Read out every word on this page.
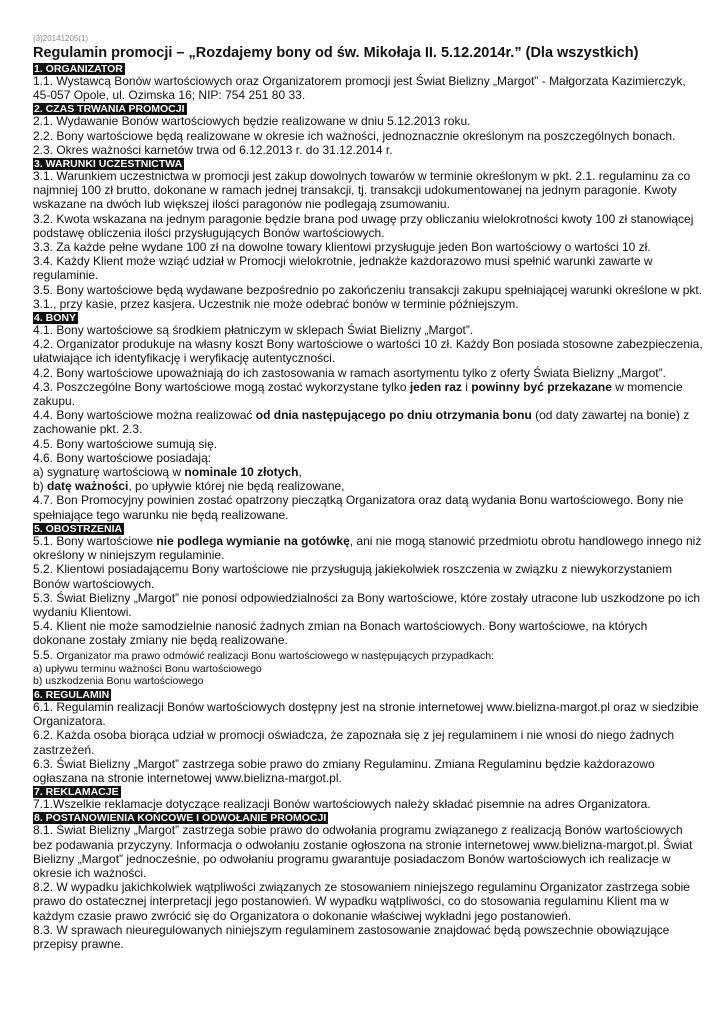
(3)20141205(1)
Regulamin promocji – „Rozdajemy bony od św. Mikołaja II. 5.12.2014r.” (Dla wszystkich)
1. ORGANIZATOR

1.1. Wystawcą Bonów wartościowych oraz Organizatorem promocji jest Świat Bielizny „Margot” - Małgorzata Kazimierczyk, 45-057 Opole, ul. Ozimska 16; NIP: 754 251 80 33.

2. CZAS TRWANIA PROMOCJI

2.1. Wydawanie Bonów wartościowych będzie realizowane w dniu 5.12.2013 roku.

2.2. Bony wartościowe będą realizowane w okresie ich ważności, jednoznacznie określonym na poszczególnych bonach.

2.3. Okres ważności karnetów trwa od 6.12.2013 r. do 31.12.2014 r.

3. WARUNKI UCZESTNICTWA

3.1. Warunkiem uczestnictwa w promocji jest zakup dowolnych towarów w terminie określonym w pkt. 2.1. regulaminu za co najmniej 100 zł brutto, dokonane w ramach jednej transakcji, tj. transakcji udokumentowanej na jednym paragonie. Kwoty wskazane na dwóch lub większej ilości paragonów nie podlegają zsumowaniu.

3.2. Kwota wskazana na jednym paragonie będzie brana pod uwagę przy obliczaniu wielokrotności kwoty 100 zł stanowiącej podstawę obliczenia ilości przysługujących Bonów wartościowych.

3.3. Za każde pełne wydane 100 zł na dowolne towary klientowi przysługuje jeden Bon wartościowy o wartości 10 zł.

3.4. Każdy Klient może wziąć udział w Promocji wielokrotnie, jednakże każdorazowo musi spełnić warunki zawarte w regulaminie.

3.5. Bony wartościowe będą wydawane bezpośrednio po zakończeniu transakcji zakupu spełniającej warunki określone w pkt. 3.1., przy kasie, przez kasjera. Uczestnik nie może odebrać bonów w terminie późniejszym.

4. BONY

4.1. Bony wartościowe są środkiem płatniczym w sklepach Świat Bielizny „Margot”.

4.2. Organizator produkuje na własny koszt Bony wartościowe o wartości 10 zł. Każdy Bon posiada stosowne zabezpieczenia, ułatwiające ich identyfikację i weryfikację autentyczności.

4.2. Bony wartościowe upoważniają do ich zastosowania w ramach asortymentu tylko z oferty Świata Bielizny „Margot”.

4.3. Poszczególne Bony wartościowe mogą zostać wykorzystane tylko jeden raz i powinny być przekazane w momencie zakupu.

4.4. Bony wartościowe można realizować od dnia następującego po dniu otrzymania bonu (od daty zawartej na bonie) z zachowanie pkt. 2.3.

4.5. Bony wartościowe sumują się.

4.6. Bony wartościowe posiadają:

a) sygnaturę wartościową w nominale 10 złotych,

b) datę ważności, po upływie której nie będą realizowane,

4.7. Bon Promocyjny powinien zostać opatrzony pieczątką Organizatora oraz datą wydania Bonu wartościowego. Bony nie spełniające tego warunku nie będą realizowane.

5. OBOSTRZENIA

5.1. Bony wartościowe nie podlega wymianie na gotówkę, ani nie mogą stanowić przedmiotu obrotu handlowego innego niż określony w niniejszym regulaminie.

5.2. Klientowi posiadającemu Bony wartościowe nie przysługują jakiekolwiek roszczenia w związku z niewykorzystaniem Bonów wartościowych.

5.3. Świat Bielizny „Margot” nie ponosi odpowiedzialności za Bony wartościowe, które zostały utracone lub uszkodzone po ich wydaniu Klientowi.

5.4. Klient nie może samodzielnie nanosić żadnych zmian na Bonach wartościowych. Bony wartościowe, na których dokonane zostały zmiany nie będą realizowane.

5.5. Organizator ma prawo odmówić realizacji Bonu wartościowego w następujących przypadkach:

a) upływu terminu ważności Bonu wartościowego

b) uszkodzenia Bonu wartościowego

6. REGULAMIN

6.1. Regulamin realizacji Bonów wartościowych dostępny jest na stronie internetowej www.bielizna-margot.pl oraz w siedzibie Organizatora.

6.2. Każda osoba biorąca udział w promocji oświadcza, że zapoznała się z jej regulaminem i nie wnosi do niego żadnych zastrzeżeń.

6.3. Świat Bielizny „Margot” zastrzega sobie prawo do zmiany Regulaminu. Zmiana Regulaminu będzie każdorazowo ogłaszana na stronie internetowej www.bielizna-margot.pl.

7. REKLAMACJE

7.1.Wszelkie reklamacje dotyczące realizacji Bonów wartościowych należy składać pisemnie na adres Organizatora.

8. POSTANOWIENIA KOŃCOWE I ODWOŁANIE PROMOCJI

8.1. Świat Bielizny „Margot” zastrzega sobie prawo do odwołania programu związanego z realizacją Bonów wartościowych bez podawania przyczyny. Informacja o odwołaniu zostanie ogłoszona na stronie internetowej www.bielizna-margot.pl. Świat Bielizny „Margot” jednocześnie, po odwołaniu programu gwarantuje posiadaczom Bonów wartościowych ich realizacje w okresie ich ważności.

8.2. W wypadku jakichkolwiek wątpliwości związanych ze stosowaniem niniejszego regulaminu Organizator zastrzega sobie prawo do ostatecznej interpretacji jego postanowień. W wypadku wątpliwości, co do stosowania regulaminu Klient ma w każdym czasie prawo zwrócić się do Organizatora o dokonanie właściwej wykładni jego postanowień.

8.3. W sprawach nieuregulowanych niniejszym regulaminem zastosowanie znajdować będą powszechnie obowiązujące przepisy prawne.
